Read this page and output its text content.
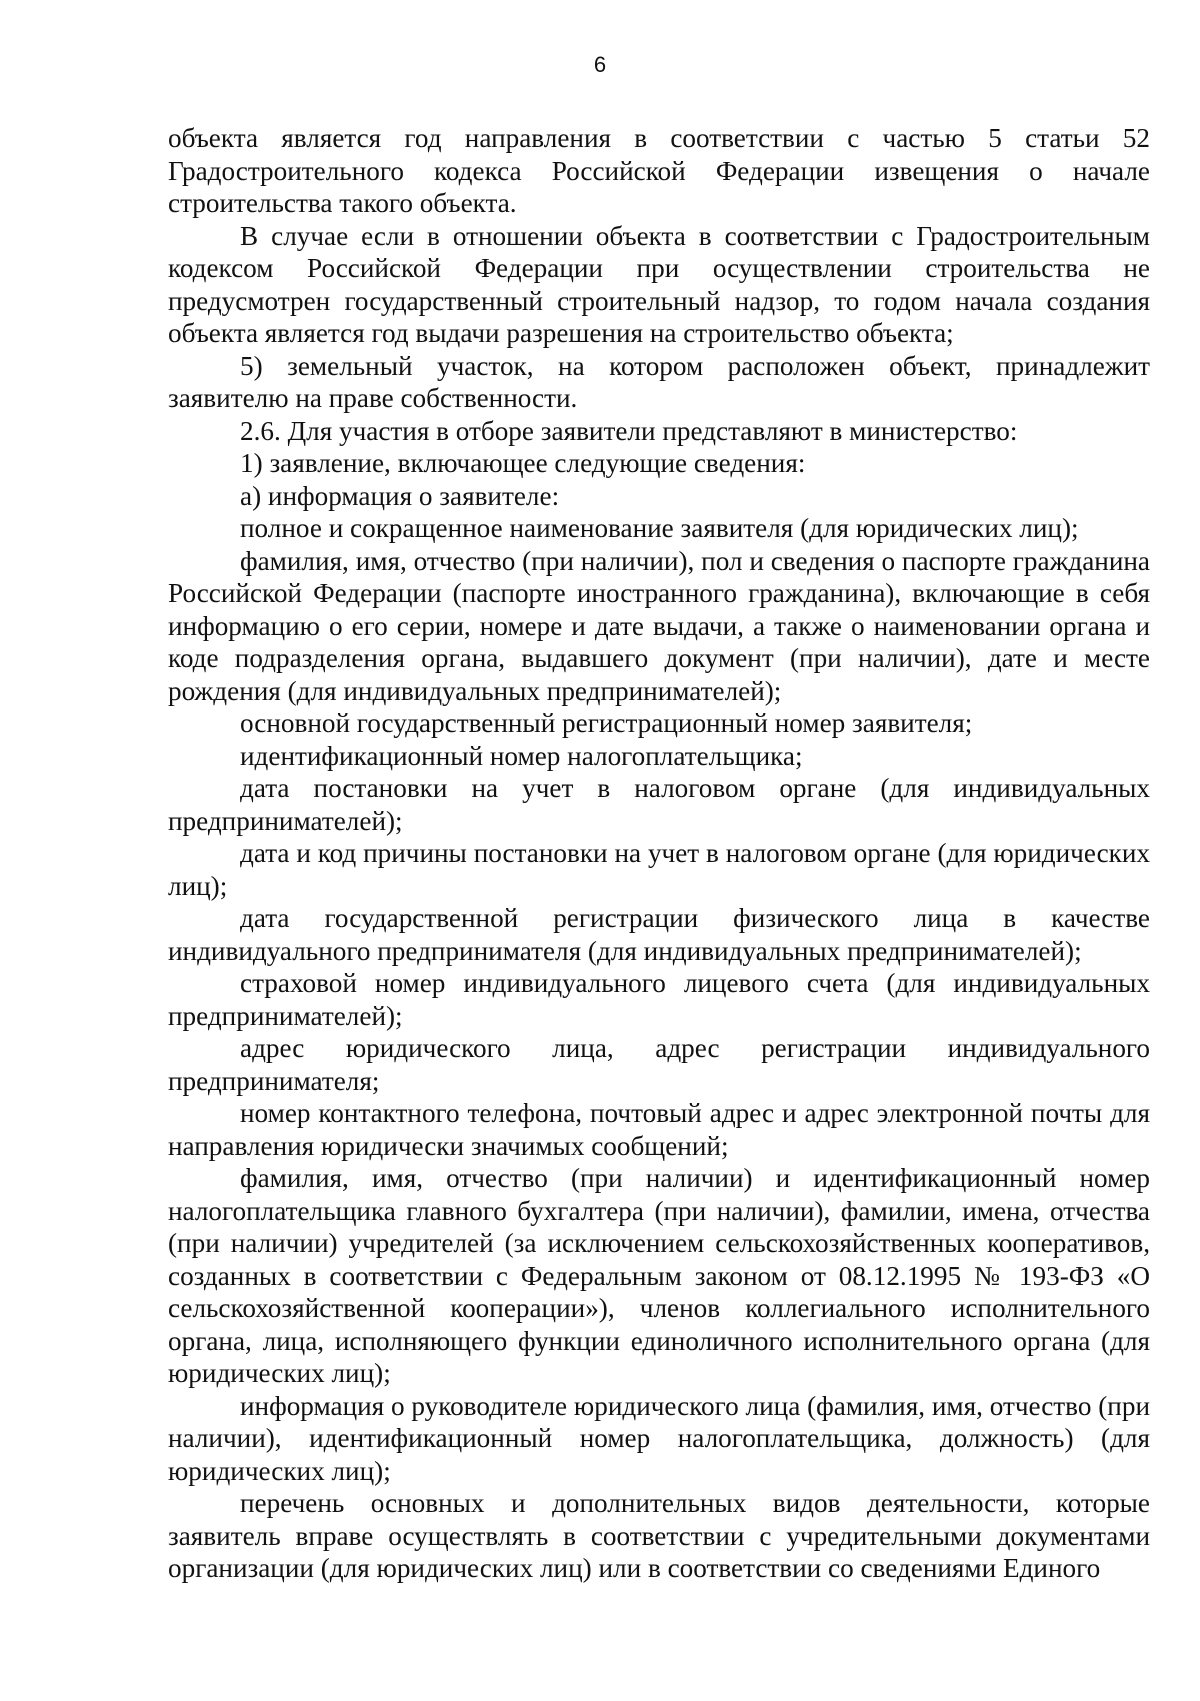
6

объекта является год направления в соответствии с частью 5 статьи 52 Градостроительного кодекса Российской Федерации извещения о начале строительства такого объекта.

В случае если в отношении объекта в соответствии с Градостроительным кодексом Российской Федерации при осуществлении строительства не предусмотрен государственный строительный надзор, то годом начала создания объекта является год выдачи разрешения на строительство объекта;

5) земельный участок, на котором расположен объект, принадлежит заявителю на праве собственности.

2.6. Для участия в отборе заявители представляют в министерство:

1) заявление, включающее следующие сведения:

а) информация о заявителе:

полное и сокращенное наименование заявителя (для юридических лиц);

фамилия, имя, отчество (при наличии), пол и сведения о паспорте гражданина Российской Федерации (паспорте иностранного гражданина), включающие в себя информацию о его серии, номере и дате выдачи, а также о наименовании органа и коде подразделения органа, выдавшего документ (при наличии), дате и месте рождения (для индивидуальных предпринимателей);

основной государственный регистрационный номер заявителя;

идентификационный номер налогоплательщика;

дата постановки на учет в налоговом органе (для индивидуальных предпринимателей);

дата и код причины постановки на учет в налоговом органе (для юридических лиц);

дата государственной регистрации физического лица в качестве индивидуального предпринимателя (для индивидуальных предпринимателей);

страховой номер индивидуального лицевого счета (для индивидуальных предпринимателей);

адрес юридического лица, адрес регистрации индивидуального предпринимателя;

номер контактного телефона, почтовый адрес и адрес электронной почты для направления юридически значимых сообщений;

фамилия, имя, отчество (при наличии) и идентификационный номер налогоплательщика главного бухгалтера (при наличии), фамилии, имена, отчества (при наличии) учредителей (за исключением сельскохозяйственных кооперативов, созданных в соответствии с Федеральным законом от 08.12.1995 № 193-ФЗ «О сельскохозяйственной кооперации»), членов коллегиального исполнительного органа, лица, исполняющего функции единоличного исполнительного органа (для юридических лиц);

информация о руководителе юридического лица (фамилия, имя, отчество (при наличии), идентификационный номер налогоплательщика, должность) (для юридических лиц);

перечень основных и дополнительных видов деятельности, которые заявитель вправе осуществлять в соответствии с учредительными документами организации (для юридических лиц) или в соответствии со сведениями Единого
